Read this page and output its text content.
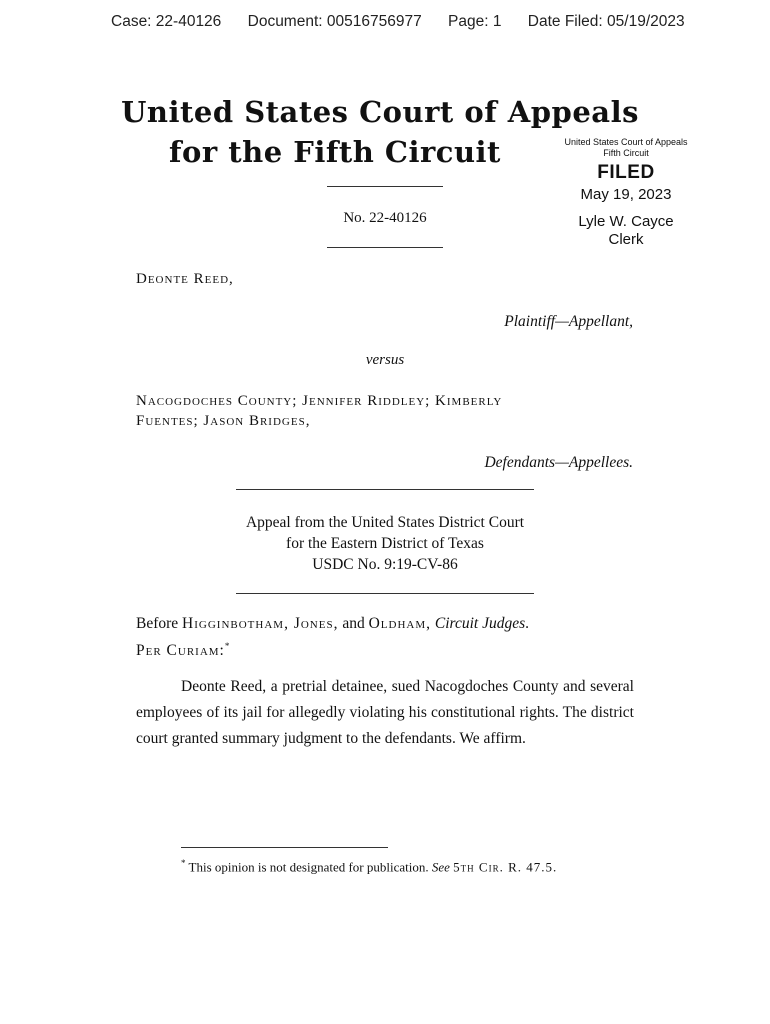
Case: 22-40126 Document: 00516756977 Page: 1 Date Filed: 05/19/2023
United States Court of Appeals
for the Fifth Circuit	United States Court of Appeals
Fifth Circuit
FILED
May 19, 2023
Lyle W. Cayce
Clerk
No. 22-40126
Deonte Reed,
Plaintiff—Appellant,
versus
Nacogdoches County; Jennifer Riddley; Kimberly
Fuentes; Jason Bridges,
Defendants—Appellees.
Appeal from the United States District Court
for the Eastern District of Texas
USDC No. 9:19-CV-86
Before Higginbotham, Jones, and Oldham, Circuit Judges.
Per Curiam:*
Deonte Reed, a pretrial detainee, sued Nacogdoches County and several employees of its jail for allegedly violating his constitutional rights. The district court granted summary judgment to the defendants. We affirm.
* This opinion is not designated for publication. See 5th Cir. R. 47.5.
